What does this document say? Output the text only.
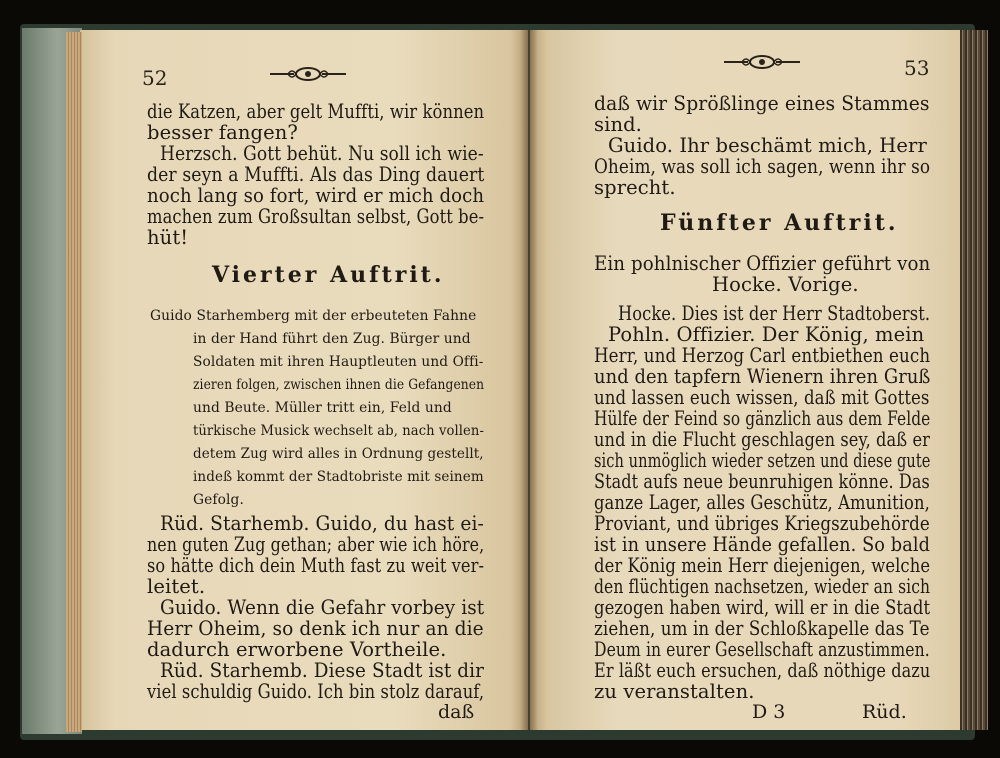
52
die Katzen, aber gelt Muffti, wir können
besser fangen?
Herzsch. Gott behüt. Nu soll ich wie-
der seyn a Muffti. Als das Ding dauert
noch lang so fort, wird er mich doch
machen zum Großsultan selbst, Gott be-
hüt!
Vierter Auftrit.
Guido Starhemberg mit der erbeuteten Fahne
in der Hand führt den Zug. Bürger und
Soldaten mit ihren Hauptleuten und Offi-
zieren folgen, zwischen ihnen die Gefangenen
und Beute. Müller tritt ein, Feld und
türkische Musick wechselt ab, nach vollen-
detem Zug wird alles in Ordnung gestellt,
indeß kommt der Stadtobriste mit seinem
Gefolg.
Rüd. Starhemb. Guido, du hast ei-
nen guten Zug gethan; aber wie ich höre,
so hätte dich dein Muth fast zu weit ver-
leitet.
Guido. Wenn die Gefahr vorbey ist
Herr Oheim, so denk ich nur an die
dadurch erworbene Vortheile.
Rüd. Starhemb. Diese Stadt ist dir
viel schuldig Guido. Ich bin stolz darauf,
daß
53
daß wir Sprößlinge eines Stammes
sind.
Guido. Ihr beschämt mich, Herr
Oheim, was soll ich sagen, wenn ihr so
sprecht.
Fünfter Auftrit.
Ein pohlnischer Offizier geführt von
Hocke. Vorige.
Hocke. Dies ist der Herr Stadtoberst.
Pohln. Offizier. Der König, mein
Herr, und Herzog Carl entbiethen euch
und den tapfern Wienern ihren Gruß
und lassen euch wissen, daß mit Gottes
Hülfe der Feind so gänzlich aus dem Felde
und in die Flucht geschlagen sey, daß er
sich unmöglich wieder setzen und diese gute
Stadt aufs neue beunruhigen könne. Das
ganze Lager, alles Geschütz, Amunition,
Proviant, und übriges Kriegszubehörde
ist in unsere Hände gefallen. So bald
der König mein Herr diejenigen, welche
den flüchtigen nachsetzen, wieder an sich
gezogen haben wird, will er in die Stadt
ziehen, um in der Schloßkapelle das Te
Deum in eurer Gesellschaft anzustimmen.
Er läßt euch ersuchen, daß nöthige dazu
zu veranstalten.
D 3	Rüd.
